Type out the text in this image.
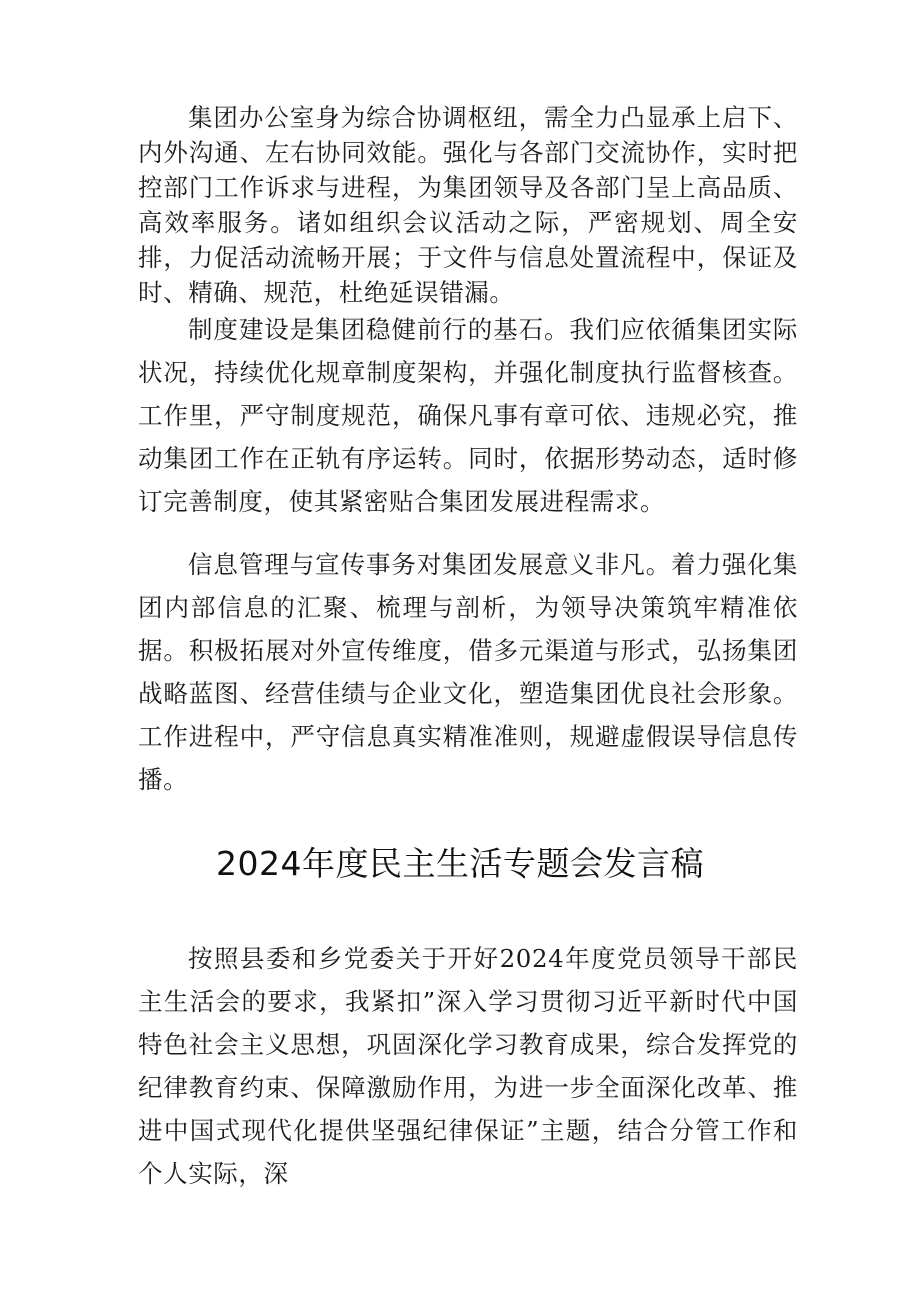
集团办公室身为综合协调枢纽，需全力凸显承上启下、内外沟通、左右协同效能。强化与各部门交流协作，实时把控部门工作诉求与进程，为集团领导及各部门呈上高品质、高效率服务。诸如组织会议活动之际，严密规划、周全安排，力促活动流畅开展；于文件与信息处置流程中，保证及时、精确、规范，杜绝延误错漏。

制度建设是集团稳健前行的基石。我们应依循集团实际状况，持续优化规章制度架构，并强化制度执行监督核查。工作里，严守制度规范，确保凡事有章可依、违规必究，推动集团工作在正轨有序运转。同时，依据形势动态，适时修订完善制度，使其紧密贴合集团发展进程需求。

信息管理与宣传事务对集团发展意义非凡。着力强化集团内部信息的汇聚、梳理与剖析，为领导决策筑牢精准依据。积极拓展对外宣传维度，借多元渠道与形式，弘扬集团战略蓝图、经营佳绩与企业文化，塑造集团优良社会形象。工作进程中，严守信息真实精准准则，规避虚假误导信息传播。

2024年度民主生活专题会发言稿

按照县委和乡党委关于开好2024年度党员领导干部民主生活会的要求，我紧扣”深入学习贯彻习近平新时代中国特色社会主义思想，巩固深化学习教育成果，综合发挥党的纪律教育约束、保障激励作用，为进一步全面深化改革、推进中国式现代化提供坚强纪律保证”主题，结合分管工作和个人实际，深
